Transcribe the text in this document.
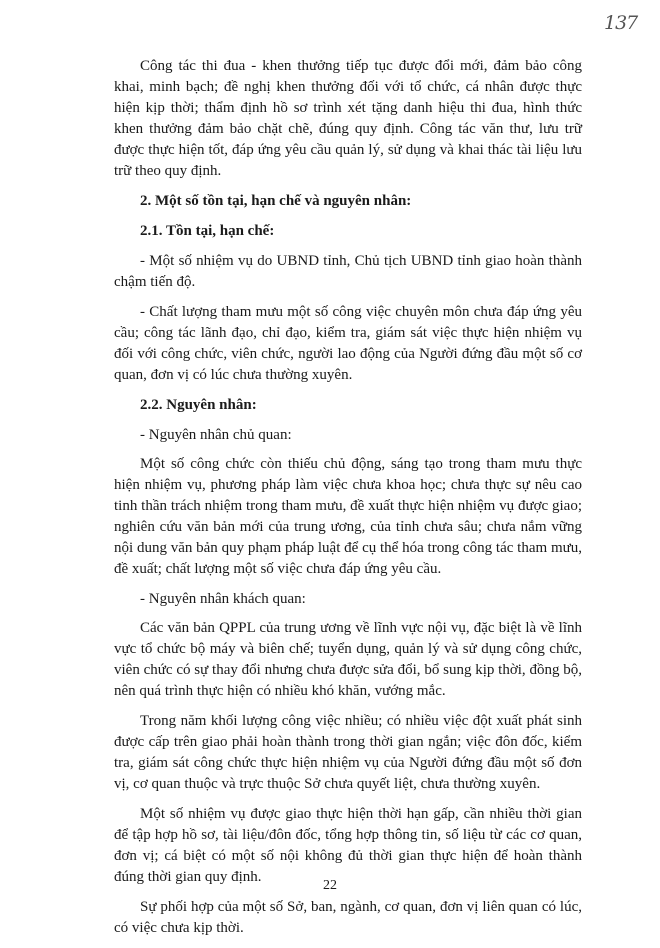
137

Công tác thi đua - khen thưởng tiếp tục được đổi mới, đảm bảo công khai, minh bạch; đề nghị khen thưởng đối với tổ chức, cá nhân được thực hiện kịp thời; thẩm định hồ sơ trình xét tặng danh hiệu thi đua, hình thức khen thưởng đảm bảo chặt chẽ, đúng quy định. Công tác văn thư, lưu trữ được thực hiện tốt, đáp ứng yêu cầu quản lý, sử dụng và khai thác tài liệu lưu trữ theo quy định.

2. Một số tồn tại, hạn chế và nguyên nhân:

2.1. Tồn tại, hạn chế:

- Một số nhiệm vụ do UBND tỉnh, Chủ tịch UBND tỉnh giao hoàn thành chậm tiến độ.

- Chất lượng tham mưu một số công việc chuyên môn chưa đáp ứng yêu cầu; công tác lãnh đạo, chỉ đạo, kiểm tra, giám sát việc thực hiện nhiệm vụ đối với công chức, viên chức, người lao động của Người đứng đầu một số cơ quan, đơn vị có lúc chưa thường xuyên.

2.2. Nguyên nhân:

- Nguyên nhân chủ quan:

Một số công chức còn thiếu chủ động, sáng tạo trong tham mưu thực hiện nhiệm vụ, phương pháp làm việc chưa khoa học; chưa thực sự nêu cao tinh thần trách nhiệm trong tham mưu, đề xuất thực hiện nhiệm vụ được giao; nghiên cứu văn bản mới của trung ương, của tỉnh chưa sâu; chưa nắm vững nội dung văn bản quy phạm pháp luật để cụ thể hóa trong công tác tham mưu, đề xuất; chất lượng một số việc chưa đáp ứng yêu cầu.

- Nguyên nhân khách quan:

Các văn bản QPPL của trung ương về lĩnh vực nội vụ, đặc biệt là về lĩnh vực tổ chức bộ máy và biên chế; tuyển dụng, quản lý và sử dụng công chức, viên chức có sự thay đổi nhưng chưa được sửa đổi, bổ sung kịp thời, đồng bộ, nên quá trình thực hiện có nhiều khó khăn, vướng mắc.

Trong năm khối lượng công việc nhiều; có nhiều việc đột xuất phát sinh được cấp trên giao phải hoàn thành trong thời gian ngắn; việc đôn đốc, kiểm tra, giám sát công chức thực hiện nhiệm vụ của Người đứng đầu một số đơn vị, cơ quan thuộc và trực thuộc Sở chưa quyết liệt, chưa thường xuyên.

Một số nhiệm vụ được giao thực hiện thời hạn gấp, cần nhiều thời gian để tập hợp hồ sơ, tài liệu/đôn đốc, tổng hợp thông tin, số liệu từ các cơ quan, đơn vị; cá biệt có một số nội không đủ thời gian thực hiện để hoàn thành đúng thời gian quy định.

Sự phối hợp của một số Sở, ban, ngành, cơ quan, đơn vị liên quan có lúc, có việc chưa kịp thời.

22
